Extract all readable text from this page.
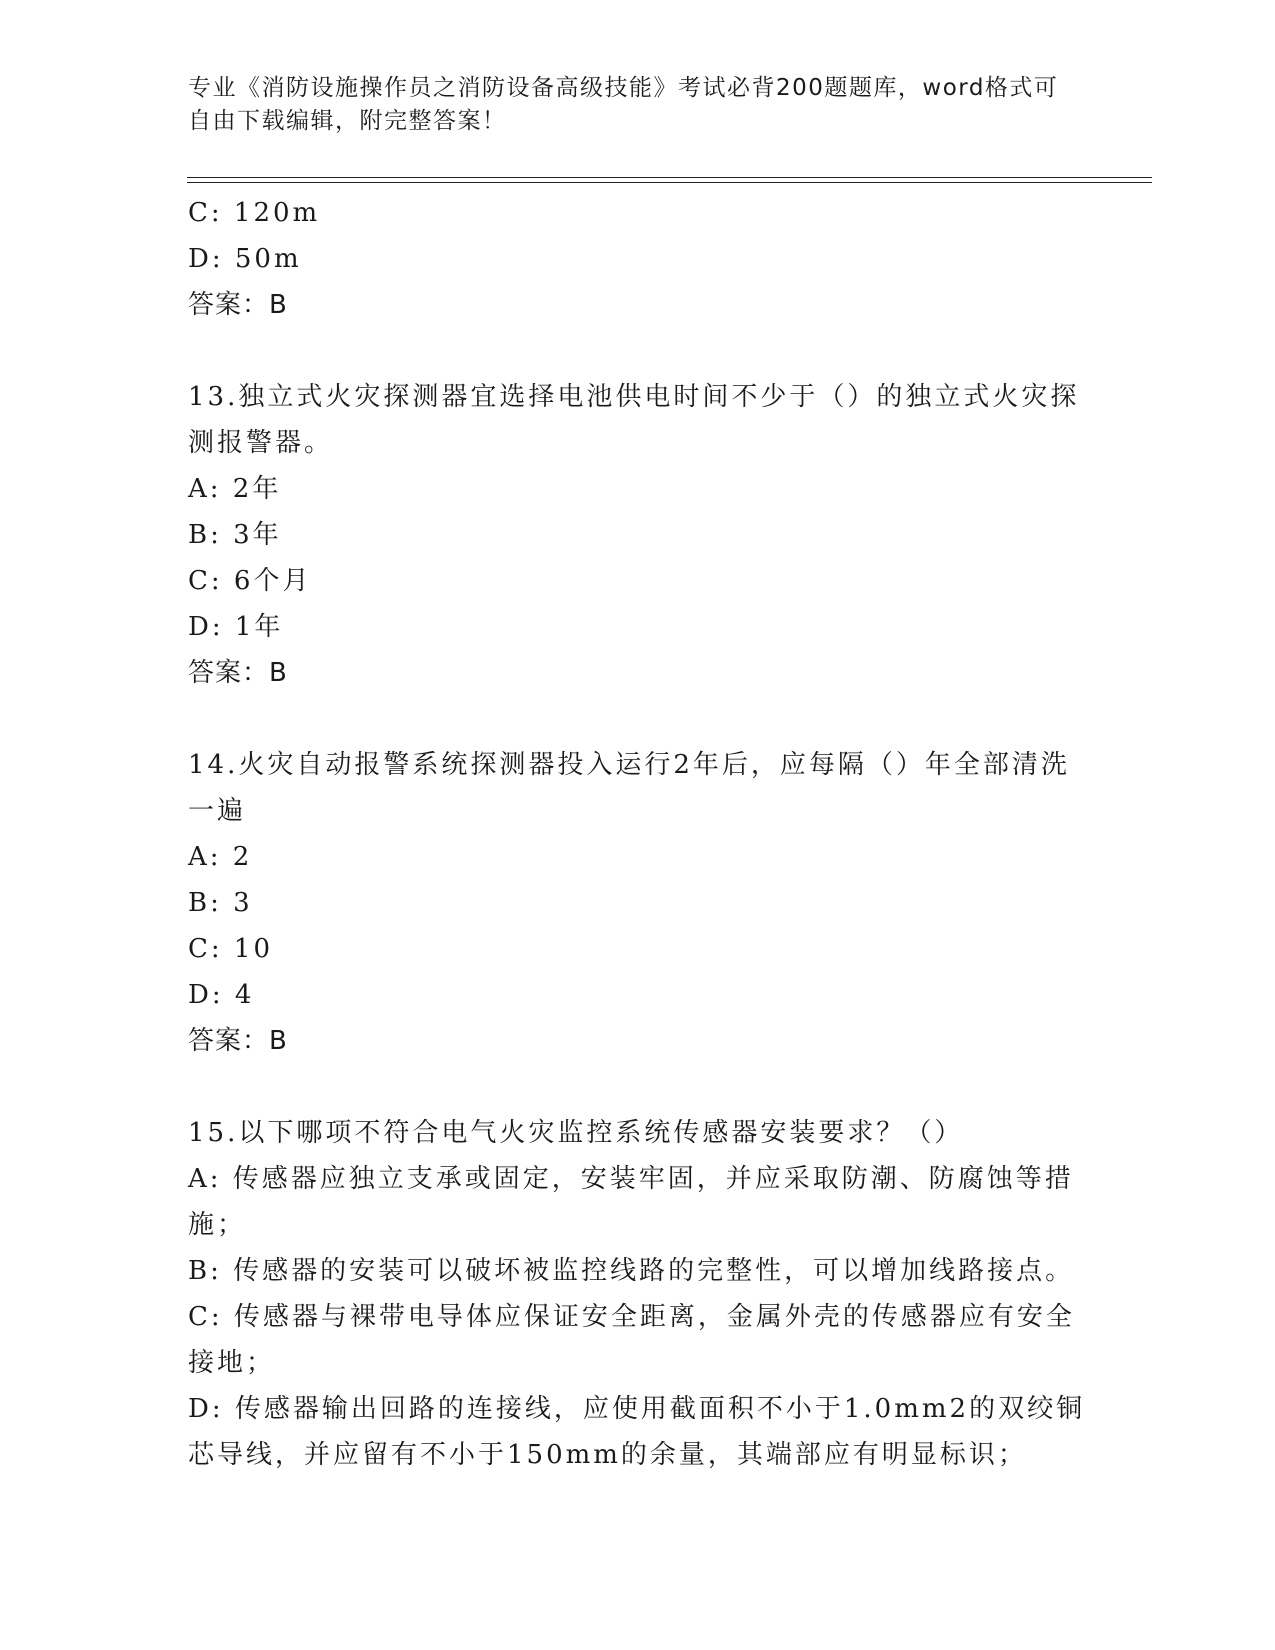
专业《消防设施操作员之消防设备高级技能》考试必背200题题库，word格式可
自由下载编辑，附完整答案！
C: 120m
D: 50m
答案：B
13.独立式火灾探测器宜选择电池供电时间不少于（）的独立式火灾探
测报警器。
A: 2年
B: 3年
C: 6个月
D: 1年
答案：B
14.火灾自动报警系统探测器投入运行2年后，应每隔（）年全部清洗
一遍
A: 2
B: 3
C: 10
D: 4
答案：B
15.以下哪项不符合电气火灾监控系统传感器安装要求？（）
A: 传感器应独立支承或固定，安装牢固，并应采取防潮、防腐蚀等措
施；
B: 传感器的安装可以破坏被监控线路的完整性，可以增加线路接点。
C: 传感器与裸带电导体应保证安全距离，金属外壳的传感器应有安全
接地；
D: 传感器输出回路的连接线，应使用截面积不小于1.0mm2的双绞铜
芯导线，并应留有不小于150mm的余量，其端部应有明显标识；
